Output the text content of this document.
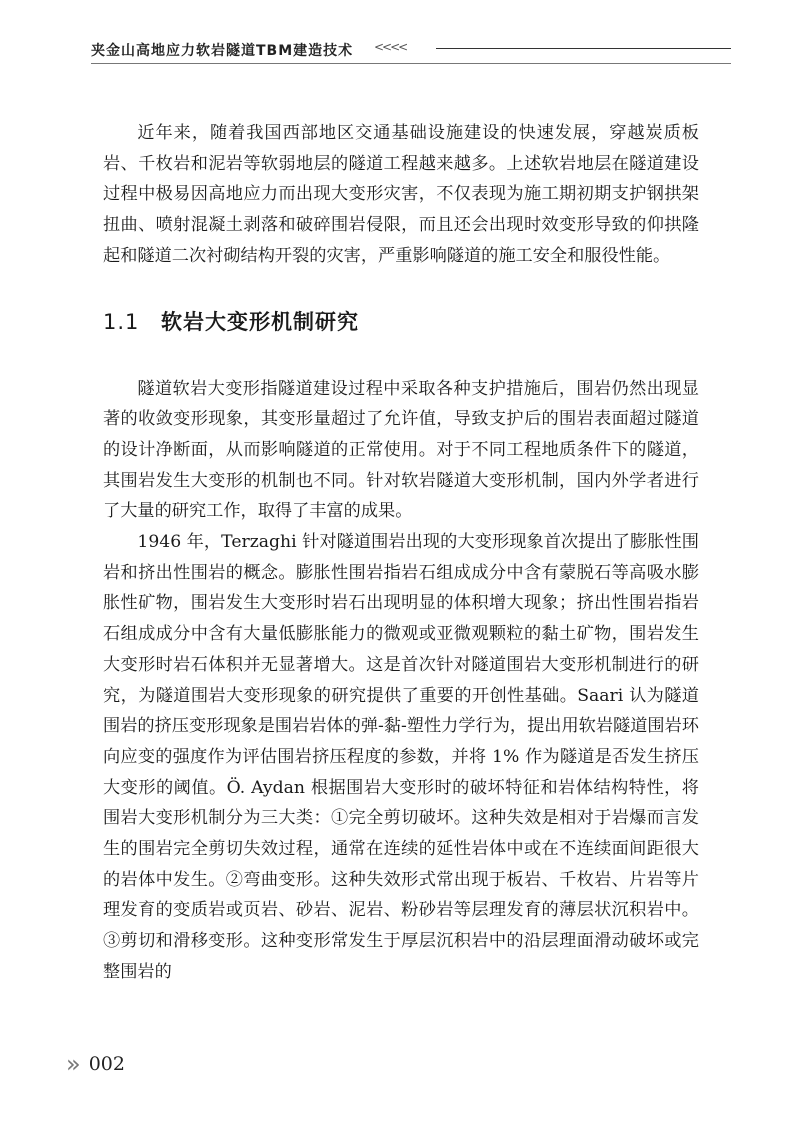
夹金山高地应力软岩隧道TBM建造技术 <<<<

近年来，随着我国西部地区交通基础设施建设的快速发展，穿越炭质板岩、千枚岩和泥岩等软弱地层的隧道工程越来越多。上述软岩地层在隧道建设过程中极易因高地应力而出现大变形灾害，不仅表现为施工期初期支护钢拱架扭曲、喷射混凝土剥落和破碎围岩侵限，而且还会出现时效变形导致的仰拱隆起和隧道二次衬砌结构开裂的灾害，严重影响隧道的施工安全和服役性能。

1.1	软岩大变形机制研究

隧道软岩大变形指隧道建设过程中采取各种支护措施后，围岩仍然出现显著的收敛变形现象，其变形量超过了允许值，导致支护后的围岩表面超过隧道的设计净断面，从而影响隧道的正常使用。对于不同工程地质条件下的隧道，其围岩发生大变形的机制也不同。针对软岩隧道大变形机制，国内外学者进行了大量的研究工作，取得了丰富的成果。

1946 年，Terzaghi 针对隧道围岩出现的大变形现象首次提出了膨胀性围岩和挤出性围岩的概念。膨胀性围岩指岩石组成成分中含有蒙脱石等高吸水膨胀性矿物，围岩发生大变形时岩石出现明显的体积增大现象；挤出性围岩指岩石组成成分中含有大量低膨胀能力的微观或亚微观颗粒的黏土矿物，围岩发生大变形时岩石体积并无显著增大。这是首次针对隧道围岩大变形机制进行的研究，为隧道围岩大变形现象的研究提供了重要的开创性基础。Saari 认为隧道围岩的挤压变形现象是围岩岩体的弹-黏-塑性力学行为，提出用软岩隧道围岩环向应变的强度作为评估围岩挤压程度的参数，并将 1% 作为隧道是否发生挤压大变形的阈值。Ö. Aydan 根据围岩大变形时的破坏特征和岩体结构特性，将围岩大变形机制分为三大类：①完全剪切破坏。这种失效是相对于岩爆而言发生的围岩完全剪切失效过程，通常在连续的延性岩体中或在不连续面间距很大的岩体中发生。②弯曲变形。这种失效形式常出现于板岩、千枚岩、片岩等片理发育的变质岩或页岩、砂岩、泥岩、粉砂岩等层理发育的薄层状沉积岩中。③剪切和滑移变形。这种变形常发生于厚层沉积岩中的沿层理面滑动破坏或完整围岩的

» 002
